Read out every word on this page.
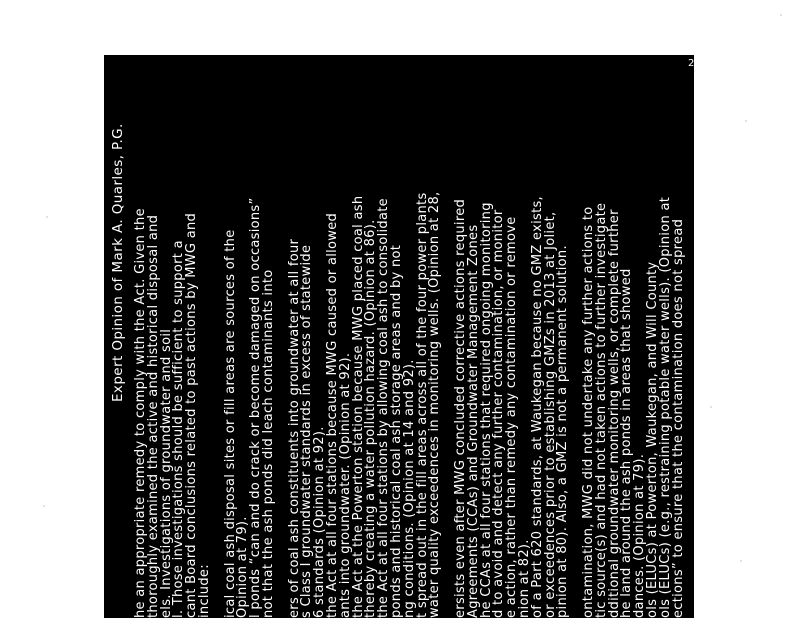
Expert Opinion of Mark A. Quarles, P.G. he an appropriate remedy to comply with the Act. Given the
thoroughly examined the active and historical disposal and
els. Investigations of groundwater and soil
l. Those investigations should be sufficient to support a
cant Board conclusions related to past actions by MWG and
include: ical coal ash disposal sites or fill areas are sources of the
Opinion at 79).
l ponds “can and do crack or become damaged on occasions”
not that the ash ponds did leach contaminants into ers of coal ash constituents into groundwater at all four
s Class I groundwater standards in excess of statewide
6 standards (Opinion at 92).
the Act at all four stations because MWG caused or allowed
ants into groundwater. (Opinion at 92).
the Act at the Powerton station because MWG placed coal ash
thereby creating a water pollution hazard. (Opinion at 86).
the Act at all four stations by allowing coal ash to consolidate
ponds and historical coal ash storage areas and by not
ng conditions. (Opinion at 14 and 92).
t spread out in the fill areas across all of the four power plants
water quality exceedences in monitoring wells. (Opinion at 28, ersists even after MWG concluded corrective actions required
Agreements (CCAs) and Groundwater Management Zones
he CCAs at all four stations that required ongoing monitoring
d to avoid and detect any further contamination, or monitor
e action, rather than remedy any contamination or remove
nion at 82).
of a Part 620 standards, at Waukegan because no GMZ exists,
or exceedences prior to establishing GMZs in 2013 at Joliet,
pinion at 80). Also, a GMZ is not a permanent solution. ontamination, MWG did not undertake any further actions to
tic source(s) and had not taken actions to further investigate
dditional groundwater monitoring wells, or complete further
he land around the ash ponds in areas that showed
dances. (Opinion at 79).
ols (ELUCs) at Powerton, Waukegan, and Will County
ols (ELUCs) (e.g., restraining potable water wells). (Opinion at
ections” to ensure that the contamination does not spread
2
